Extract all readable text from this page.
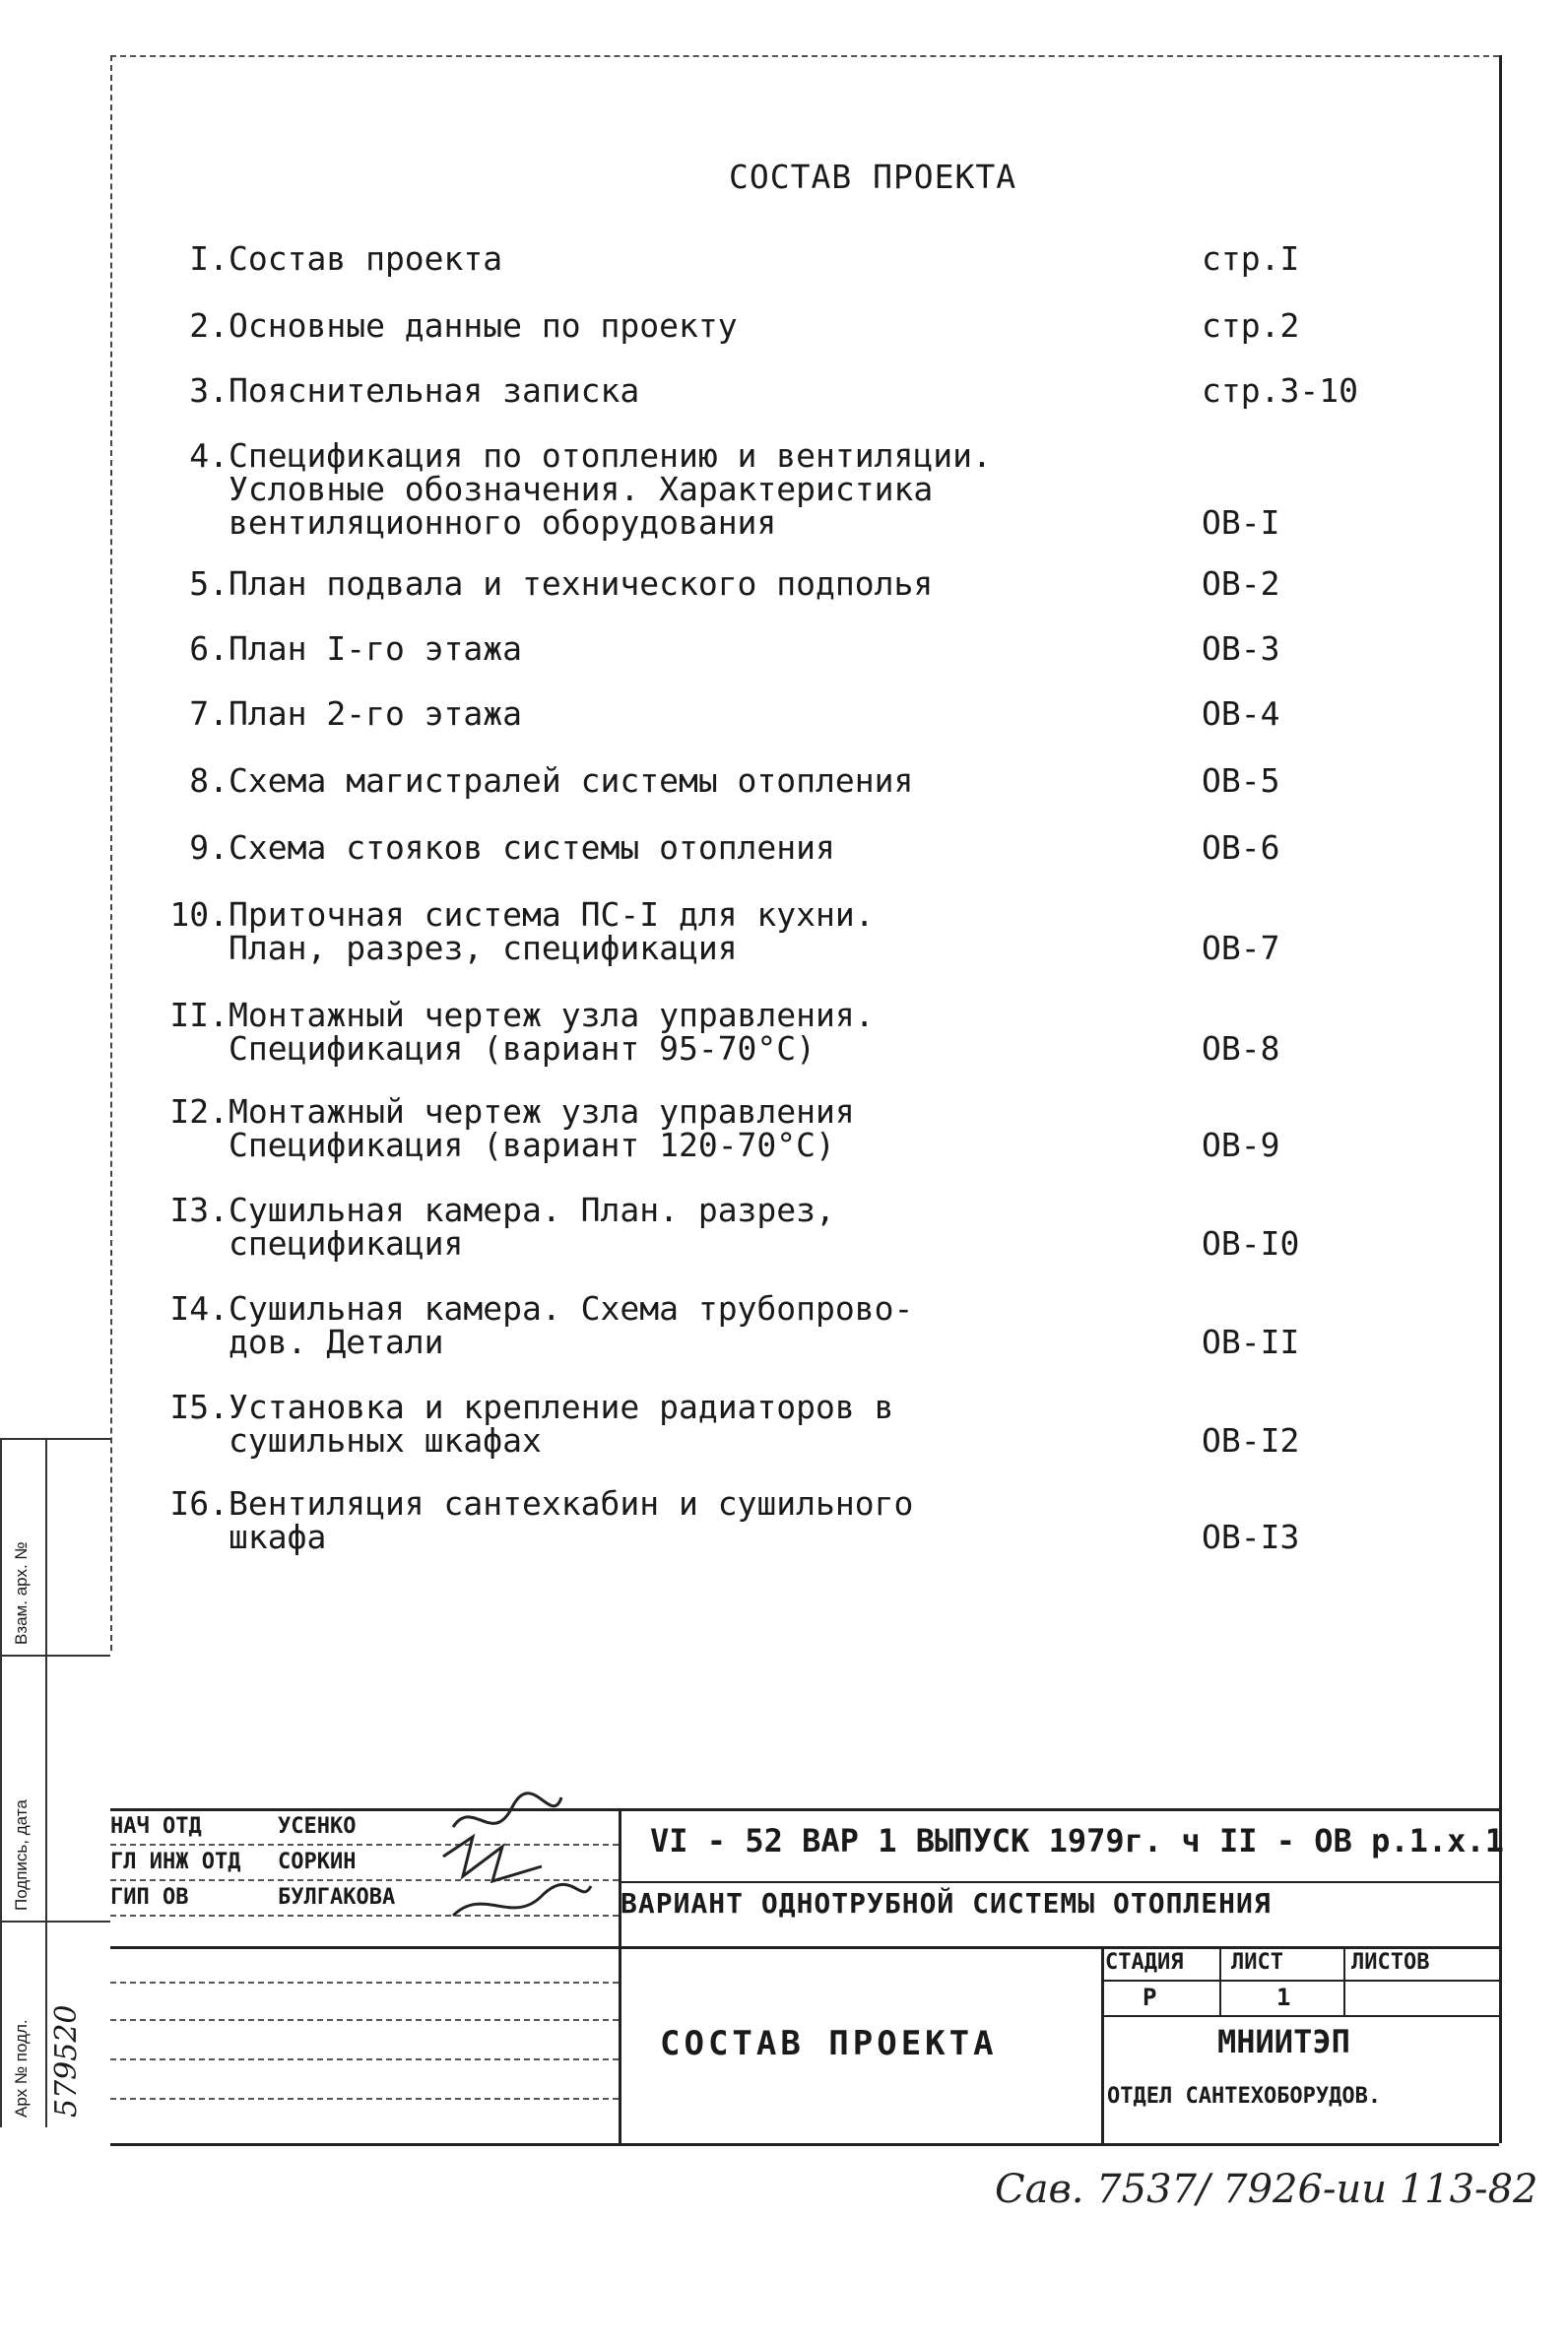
СОСТАВ ПРОЕКТА
I. Состав проекта	стр.I
2. Основные данные по проекту	стр.2
3. Пояснительная записка	стр.3-10
4. Спецификация по отоплению и вентиляции.
Условные обозначения. Характеристика
вентиляционного оборудования	ОВ-I
5. План подвала и технического подполья	ОВ-2
6. План I-го этажа	ОВ-3
7. План 2-го этажа	ОВ-4
8. Схема магистралей системы отопления	ОВ-5
9. Схема стояков системы отопления	ОВ-6
10. Приточная система ПС-I для кухни.
План, разрез, спецификация	ОВ-7
II. Монтажный чертеж узла управления.
Спецификация (вариант 95-70°С)	ОВ-8
I2. Монтажный чертеж узла управления
Спецификация (вариант 120-70°С)	ОВ-9
I3. Сушильная камера. План. разрез,
спецификация	ОВ-I0
I4. Сушильная камера. Схема трубопрово-
дов. Детали	ОВ-II
I5. Установка и крепление радиаторов в
сушильных шкафах	ОВ-I2
I6. Вентиляция сантехкабин и сушильного
шкафа	ОВ-I3
Взам. арх. №
Подпись, дата
Арх № подл. 579520
НАЧ ОТД	УСЕНКО
ГЛ ИНЖ ОТД СОРКИН
ГИП ОВ	БУЛГАКОВА
VI - 52 ВАР 1 ВЫПУСК 1979г. ч II - ОВ р.1.х.1
ВАРИАНТ ОДНОТРУБНОЙ СИСТЕМЫ ОТОПЛЕНИЯ
СОСТАВ ПРОЕКТА
СТАДИЯ ЛИСТ	ЛИСТОВ
Р	1
МНИИТЭП
ОТДЕЛ САНТЕХОБОРУДОВ.
Сав. 7537/ 7926-ии 113-82
